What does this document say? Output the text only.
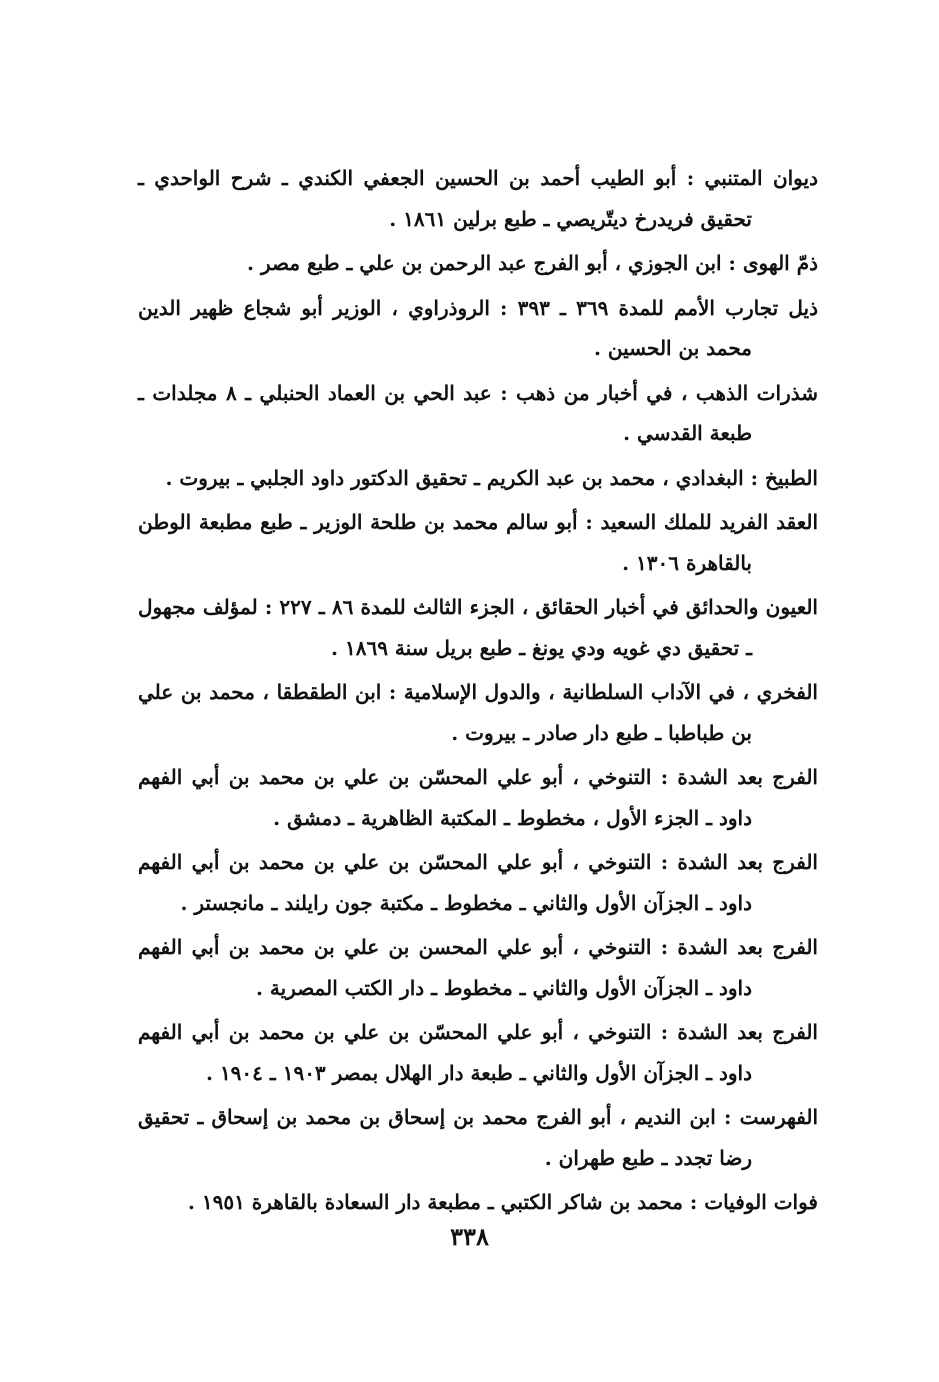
ديوان المتنبي : أبو الطيب أحمد بن الحسين الجعفي الكندي ـ شرح الواحدي ـ تحقيق فريدرخ ديتّريصي ـ طبع برلين ١٨٦١ .

ذمّ الهوى : ابن الجوزي ، أبو الفرج عبد الرحمن بن علي ـ طبع مصر .

ذيل تجارب الأمم للمدة ٣٦٩ ـ ٣٩٣ : الروذراوي ، الوزير أبو شجاع ظهير الدين محمد بن الحسين .

شذرات الذهب ، في أخبار من ذهب : عبد الحي بن العماد الحنبلي ـ ٨ مجلدات ـ طبعة القدسي .

الطبيخ : البغدادي ، محمد بن عبد الكريم ـ تحقيق الدكتور داود الجلبي ـ بيروت .

العقد الفريد للملك السعيد : أبو سالم محمد بن طلحة الوزير ـ طبع مطبعة الوطن بالقاهرة ١٣٠٦ .

العيون والحدائق في أخبار الحقائق ، الجزء الثالث للمدة ٨٦ ـ ٢٢٧ : لمؤلف مجهول ـ تحقيق دي غويه ودي يونغ ـ طبع بريل سنة ١٨٦٩ .

الفخري ، في الآداب السلطانية ، والدول الإسلامية : ابن الطقطقا ، محمد بن علي بن طباطبا ـ طبع دار صادر ـ بيروت .

الفرج بعد الشدة : التنوخي ، أبو علي المحسّن بن علي بن محمد بن أبي الفهم داود ـ الجزء الأول ، مخطوط ـ المكتبة الظاهرية ـ دمشق .

الفرج بعد الشدة : التنوخي ، أبو علي المحسّن بن علي بن محمد بن أبي الفهم داود ـ الجزآن الأول والثاني ـ مخطوط ـ مكتبة جون رايلند ـ مانجستر .

الفرج بعد الشدة : التنوخي ، أبو علي المحسن بن علي بن محمد بن أبي الفهم داود ـ الجزآن الأول والثاني ـ مخطوط ـ دار الكتب المصرية .

الفرج بعد الشدة : التنوخي ، أبو علي المحسّن بن علي بن محمد بن أبي الفهم داود ـ الجزآن الأول والثاني ـ طبعة دار الهلال بمصر ١٩٠٣ ـ ١٩٠٤ .

الفهرست : ابن النديم ، أبو الفرج محمد بن إسحاق بن محمد بن إسحاق ـ تحقيق رضا تجدد ـ طبع طهران .

فوات الوفيات : محمد بن شاكر الكتبي ـ مطبعة دار السعادة بالقاهرة ١٩٥١ .

٣٣٨
